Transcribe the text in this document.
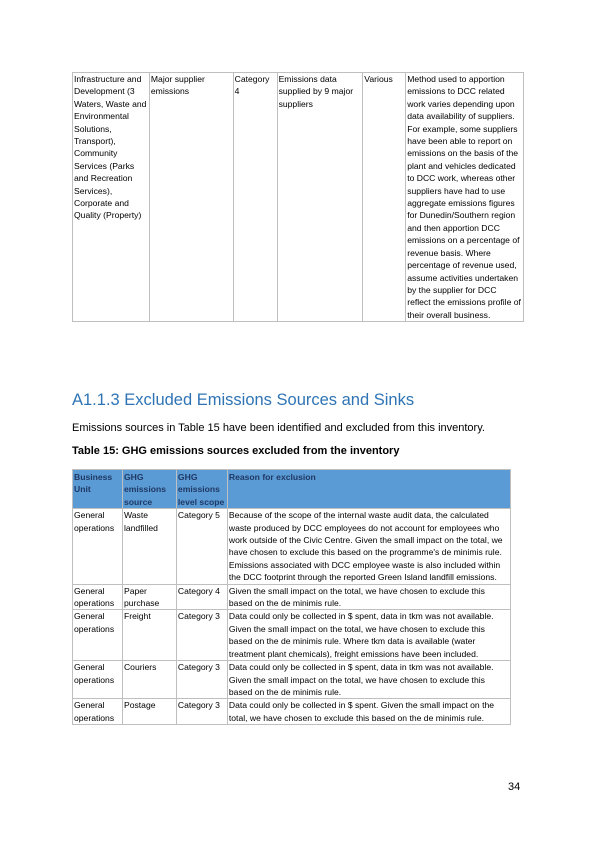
Infrastructure and Development (3 Waters, Waste and Environmental Solutions, Transport), Community Services (Parks and Recreation Services), Corporate and Quality (Property)	Major supplier emissions	Category 4	Emissions data supplied by 9 major suppliers	Various	Method used to apportion emissions to DCC related work varies depending upon data availability of suppliers. For example, some suppliers have been able to report on emissions on the basis of the plant and vehicles dedicated to DCC work, whereas other suppliers have had to use aggregate emissions figures for Dunedin/Southern region and then apportion DCC emissions on a percentage of revenue basis. Where percentage of revenue used, assume activities undertaken by the supplier for DCC reflect the emissions profile of their overall business.
A1.1.3 Excluded Emissions Sources and Sinks

Emissions sources in Table 15 have been identified and excluded from this inventory.

Table 15: GHG emissions sources excluded from the inventory

Business Unit	GHG emissions source	GHG emissions level scope	Reason for exclusion
General operations	Waste landfilled	Category 5	Because of the scope of the internal waste audit data, the calculated waste produced by DCC employees do not account for employees who work outside of the Civic Centre. Given the small impact on the total, we have chosen to exclude this based on the programme's de minimis rule. Emissions associated with DCC employee waste is also included within the DCC footprint through the reported Green Island landfill emissions.
General operations	Paper purchase	Category 4	Given the small impact on the total, we have chosen to exclude this based on the de minimis rule.
General operations	Freight	Category 3	Data could only be collected in $ spent, data in tkm was not available. Given the small impact on the total, we have chosen to exclude this based on the de minimis rule. Where tkm data is available (water treatment plant chemicals), freight emissions have been included.
General operations	Couriers	Category 3	Data could only be collected in $ spent, data in tkm was not available. Given the small impact on the total, we have chosen to exclude this based on the de minimis rule.
General operations	Postage	Category 3	Data could only be collected in $ spent. Given the small impact on the total, we have chosen to exclude this based on the de minimis rule.
34
